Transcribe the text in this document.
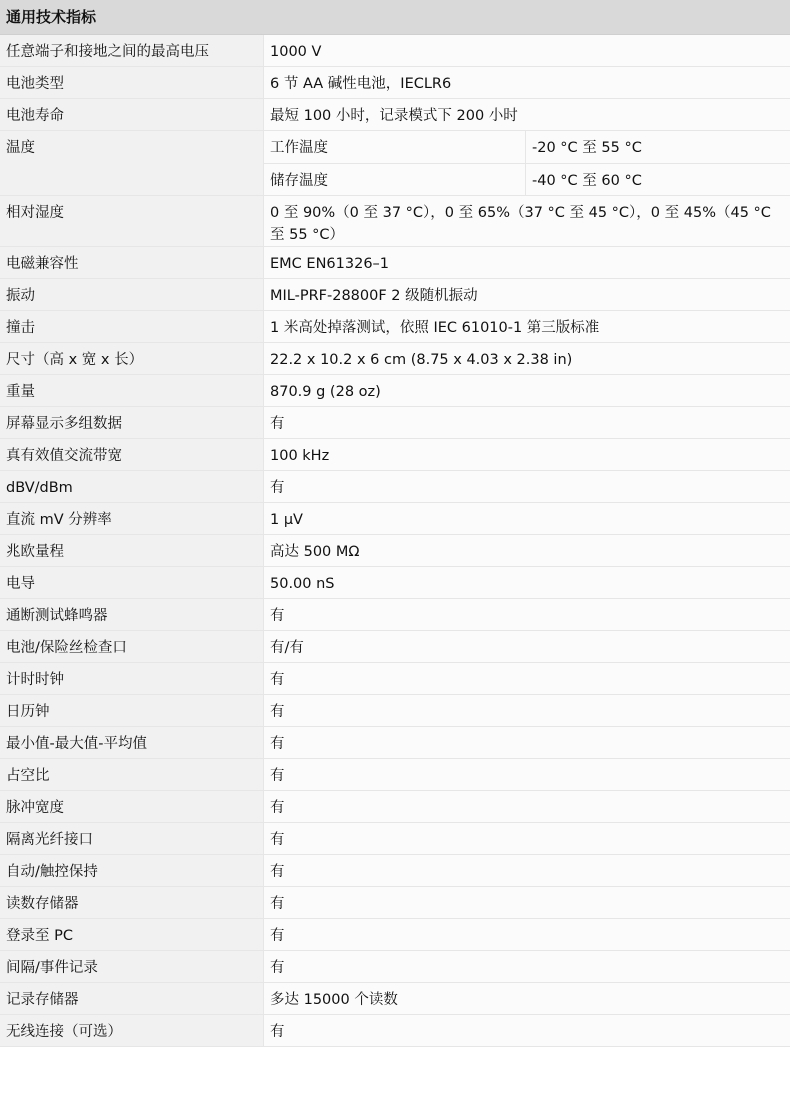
通用技术指标
任意端子和接地之间的最高电压	1000 V
电池类型	6 节 AA 碱性电池，IECLR6
电池寿命	最短 100 小时，记录模式下 200 小时
温度	工作温度	-20 °C 至 55 °C
储存温度	-40 °C 至 60 °C
相对湿度	0 至 90%（0 至 37 °C），0 至 65%（37 °C 至 45 °C），0 至 45%（45 °C 至 55 °C）
电磁兼容性	EMC EN61326–1
振动	MIL-PRF-28800F 2 级随机振动
撞击	1 米高处掉落测试，依照 IEC 61010-1 第三版标准
尺寸（高 x 宽 x 长）	22.2 x 10.2 x 6 cm (8.75 x 4.03 x 2.38 in)
重量	870.9 g (28 oz)
屏幕显示多组数据	有
真有效值交流带宽	100 kHz
dBV/dBm	有
直流 mV 分辨率	1 µV
兆欧量程	高达 500 MΩ
电导	50.00 nS
通断测试蜂鸣器	有
电池/保险丝检查口	有/有
计时时钟	有
日历钟	有
最小值-最大值-平均值	有
占空比	有
脉冲宽度	有
隔离光纤接口	有
自动/触控保持	有
读数存储器	有
登录至 PC	有
间隔/事件记录	有
记录存储器	多达 15000 个读数
无线连接（可选）	有
